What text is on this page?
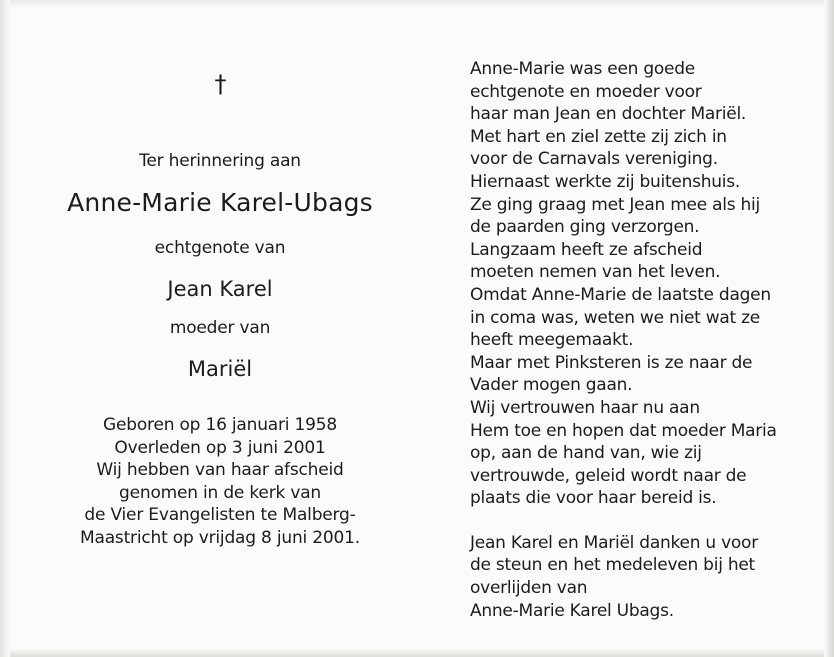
†
Ter herinnering aan
Anne-Marie Karel-Ubags
echtgenote van
Jean Karel
moeder van
Mariël
Geboren op 16 januari 1958
Overleden op 3 juni 2001
Wij hebben van haar afscheid
genomen in de kerk van
de Vier Evangelisten te Malberg-
Maastricht op vrijdag 8 juni 2001.
Anne-Marie was een goede
echtgenote en moeder voor
haar man Jean en dochter Mariël.
Met hart en ziel zette zij zich in
voor de Carnavals vereniging.
Hiernaast werkte zij buitenshuis.
Ze ging graag met Jean mee als hij
de paarden ging verzorgen.
Langzaam heeft ze afscheid
moeten nemen van het leven.
Omdat Anne-Marie de laatste dagen
in coma was, weten we niet wat ze
heeft meegemaakt.
Maar met Pinksteren is ze naar de
Vader mogen gaan.
Wij vertrouwen haar nu aan
Hem toe en hopen dat moeder Maria
op, aan de hand van, wie zij
vertrouwde, geleid wordt naar de
plaats die voor haar bereid is.
Jean Karel en Mariël danken u voor
de steun en het medeleven bij het
overlijden van
Anne-Marie Karel Ubags.
